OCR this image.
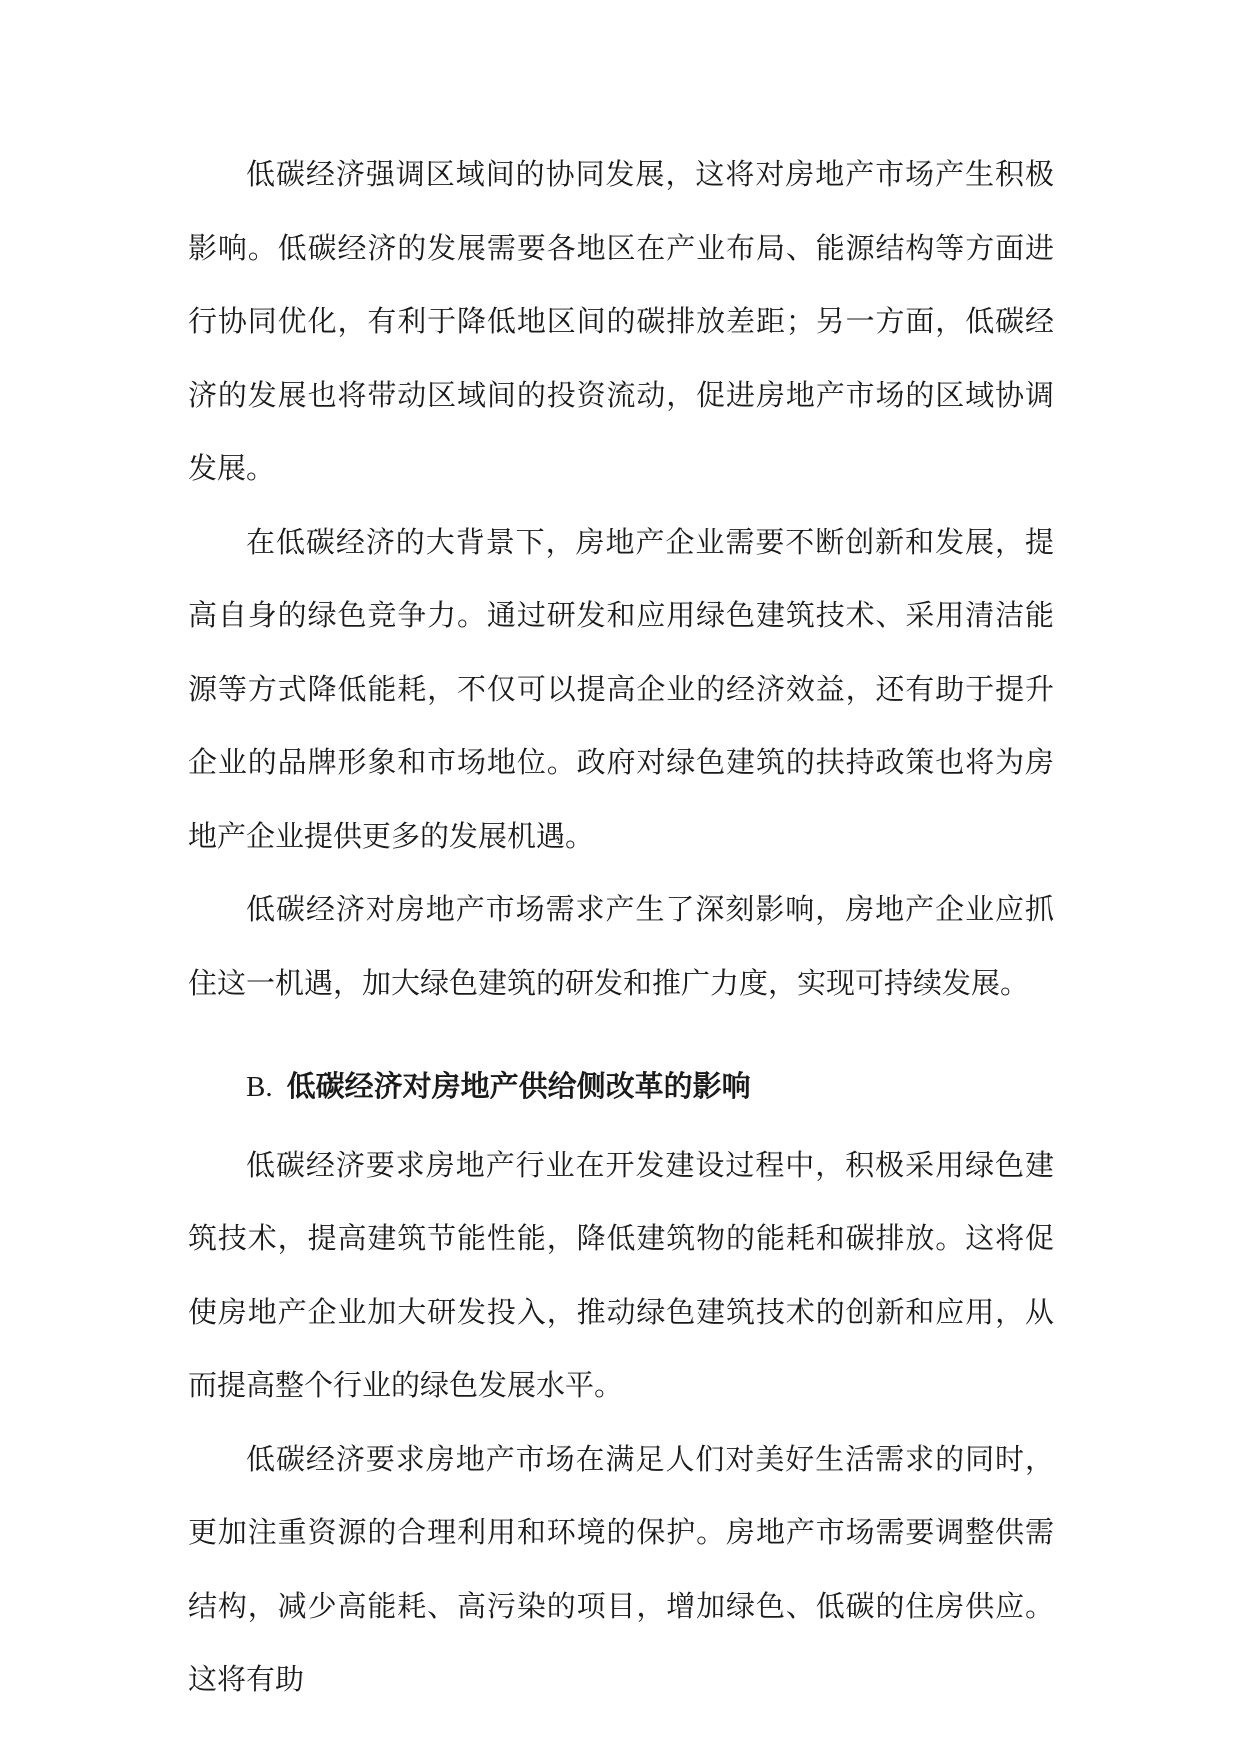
低碳经济强调区域间的协同发展，这将对房地产市场产生积极影响。低碳经济的发展需要各地区在产业布局、能源结构等方面进行协同优化，有利于降低地区间的碳排放差距；另一方面，低碳经济的发展也将带动区域间的投资流动，促进房地产市场的区域协调发展。

在低碳经济的大背景下，房地产企业需要不断创新和发展，提高自身的绿色竞争力。通过研发和应用绿色建筑技术、采用清洁能源等方式降低能耗，不仅可以提高企业的经济效益，还有助于提升企业的品牌形象和市场地位。政府对绿色建筑的扶持政策也将为房地产企业提供更多的发展机遇。

低碳经济对房地产市场需求产生了深刻影响，房地产企业应抓住这一机遇，加大绿色建筑的研发和推广力度，实现可持续发展。

B. 低碳经济对房地产供给侧改革的影响

低碳经济要求房地产行业在开发建设过程中，积极采用绿色建筑技术，提高建筑节能性能，降低建筑物的能耗和碳排放。这将促使房地产企业加大研发投入，推动绿色建筑技术的创新和应用，从而提高整个行业的绿色发展水平。

低碳经济要求房地产市场在满足人们对美好生活需求的同时，更加注重资源的合理利用和环境的保护。房地产市场需要调整供需结构，减少高能耗、高污染的项目，增加绿色、低碳的住房供应。这将有助
